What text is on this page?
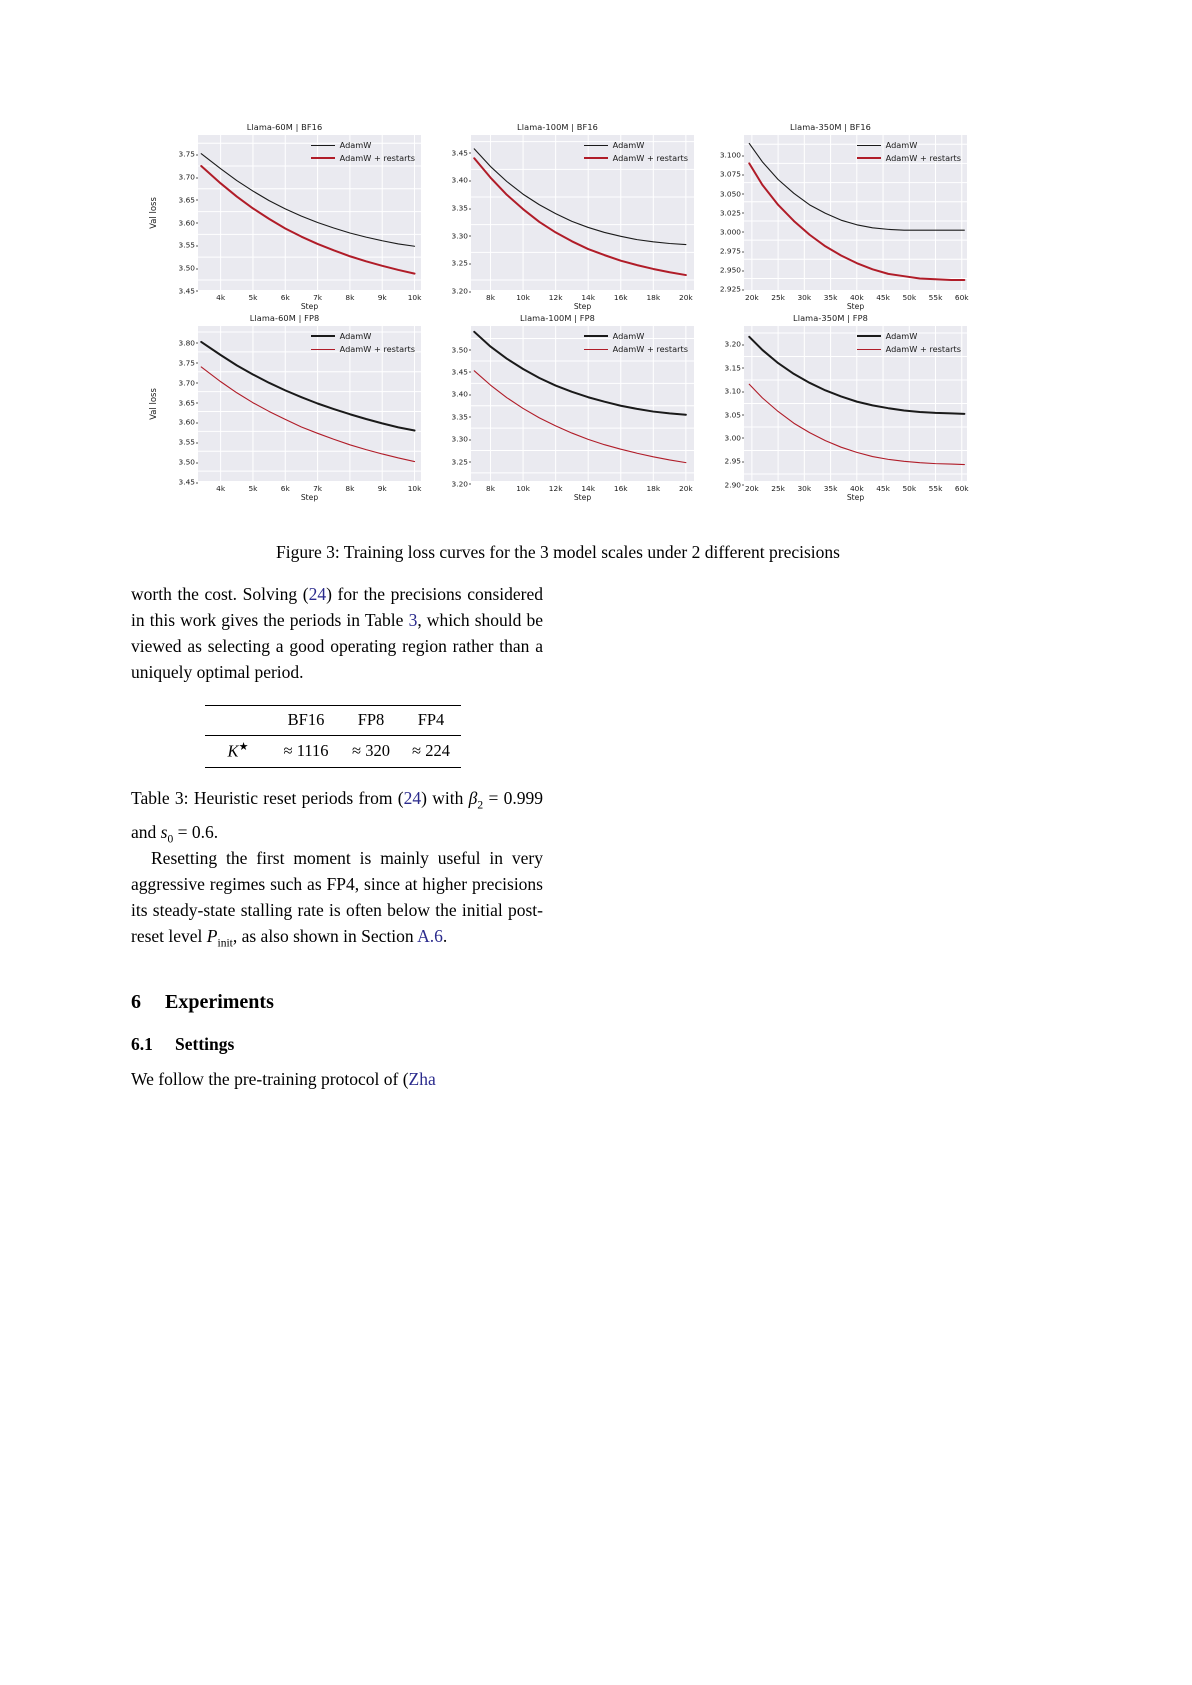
Llama-60M | BF16
Val loss
3.45
3.50
3.55
3.60
3.65
3.70
3.75
AdamW
AdamW + restarts
4k	5k	6k	7k	8k	9k	10k
Step
Llama-100M | BF16
3.20
3.25
3.30
3.35
3.40
3.45
AdamW
AdamW + restarts
8k	10k	12k	14k	16k	18k	20k
Step
Llama-350M | BF16
2.925
2.950
2.975
3.000
3.025
3.050
3.075
3.100
AdamW
AdamW + restarts
20k 25k 30k 35k 40k 45k 50k 55k 60k
Step
Llama-60M | FP8
Val loss
3.45
3.50
3.55
3.60
3.65
3.70
3.75
3.80
AdamW
AdamW + restarts
4k	5k	6k	7k	8k	9k	10k
Step
Llama-100M | FP8
3.20
3.25
3.30
3.35
3.40
3.45
3.50
AdamW
AdamW + restarts
8k	10k	12k	14k	16k	18k	20k
Step
Llama-350M | FP8
2.90
2.95
3.00
3.05
3.10
3.15
3.20
AdamW
AdamW + restarts
20k 25k 30k 35k 40k 45k 50k 55k 60k
Step
Figure 3: Training loss curves for the 3 model scales under 2 different precisions

worth the cost. Solving (24) for the precisions considered in this work gives the periods in Table 3, which should be viewed as selecting a good operating region rather than a uniquely optimal period.

	BF16	FP8	FP4
K★	≈ 1116	≈ 320	≈ 224

Table 3: Heuristic reset periods from (24) with $\beta_2 = 0.999$ and $s_0 = 0.6$.

Resetting the first moment is mainly useful in very aggressive regimes such as FP4, since at higher precisions its steady-state stalling rate is often below the initial post-reset level $P_{init}$, as also shown in Section A.6.

6 Experiments
6.1 Settings

We follow the pre-training protocol of (Zha
